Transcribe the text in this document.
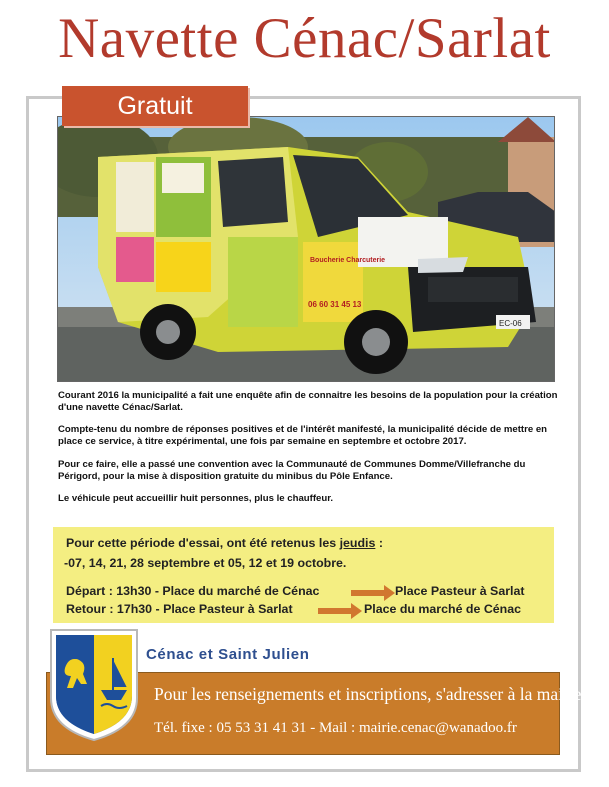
Navette Cénac/Sarlat
Boucherie Charcuterie
06 60 31 45 13
EC-06
Gratuit
Courant 2016 la municipalité a fait une enquête afin de connaitre les besoins de la population pour la création d'une navette Cénac/Sarlat.
Compte-tenu du nombre de réponses positives et de l'intérêt manifesté, la municipalité décide de mettre en place ce service, à titre expérimental, une fois par semaine en septembre et octobre 2017.
Pour ce faire, elle a passé une convention avec la Communauté de Communes Domme/Villefranche du Périgord, pour la mise à disposition gratuite du minibus du Pôle Enfance.
Le véhicule peut accueillir huit personnes, plus le chauffeur.
Pour cette période d'essai, ont été retenus les jeudis :
-07, 14, 21, 28 septembre et 05, 12 et 19 octobre.
Départ : 13h30 - Place du marché de Cénac	Place Pasteur à Sarlat
Retour : 17h30 - Place Pasteur à Sarlat	Place du marché de Cénac
Cénac et Saint Julien
Pour les renseignements et inscriptions, s'adresser à la mairie.
Tél. fixe : 05 53 31 41 31 - Mail : mairie.cenac@wanadoo.fr
